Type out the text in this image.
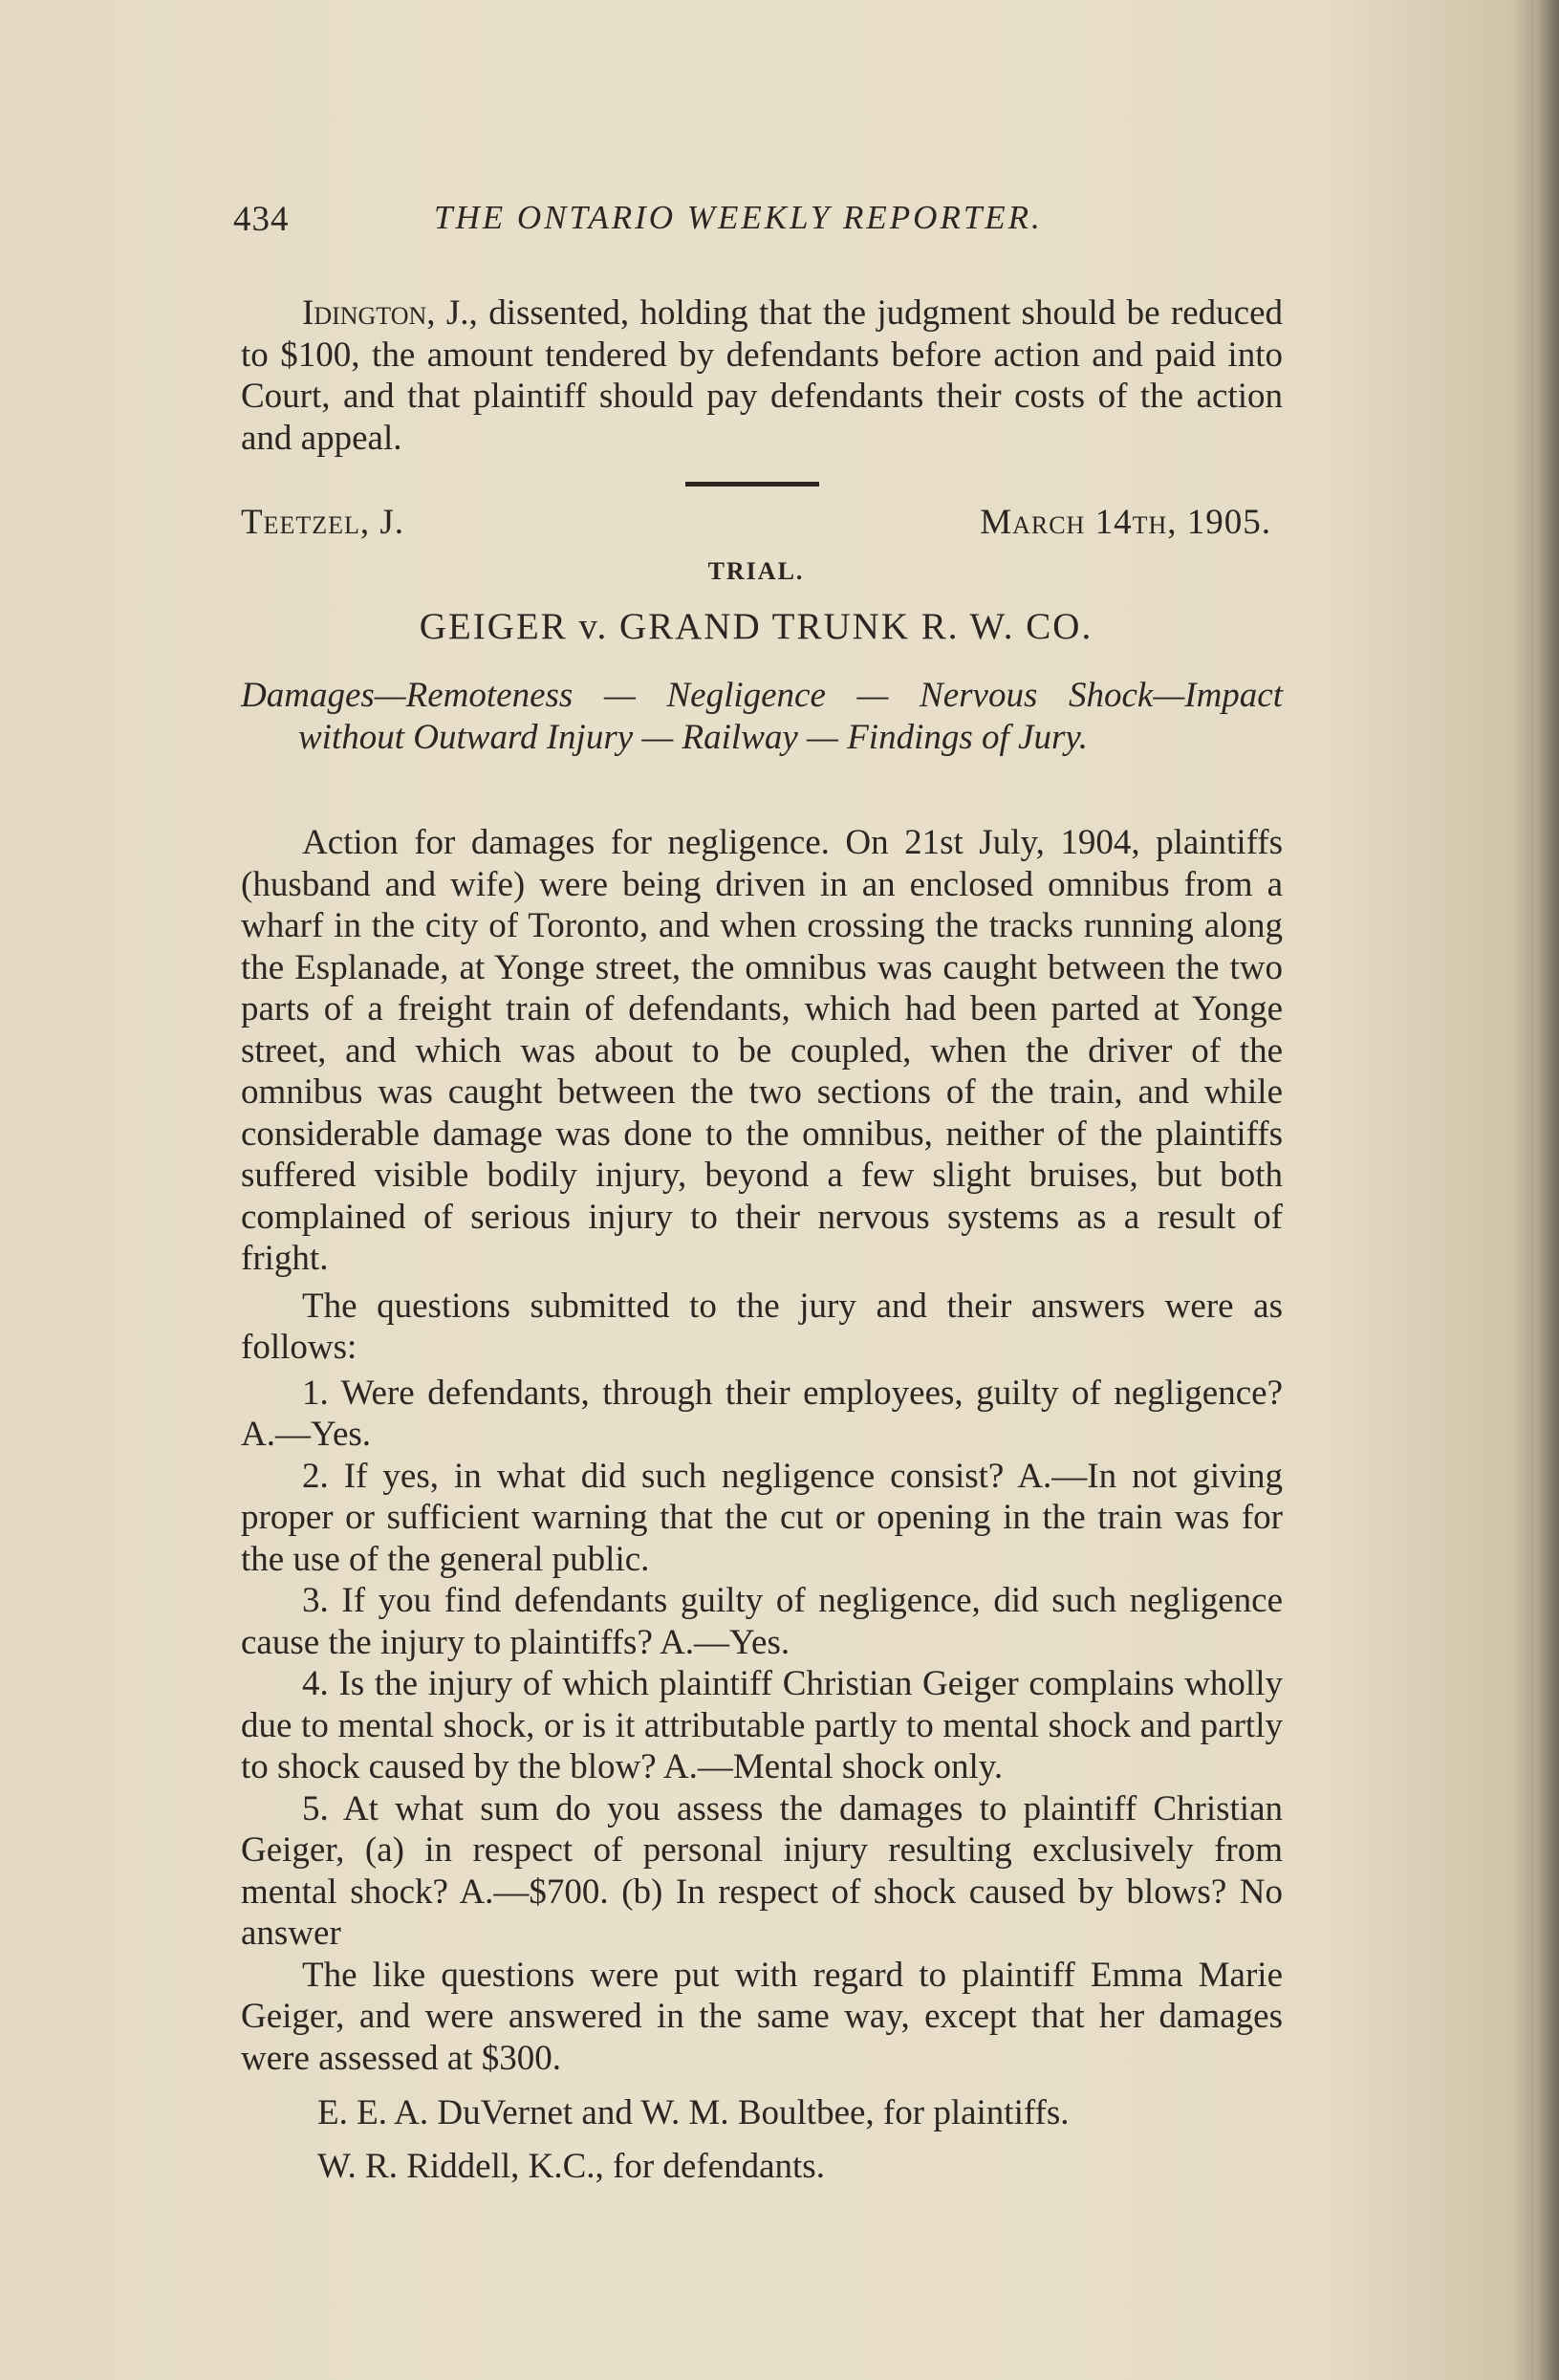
434	THE ONTARIO WEEKLY REPORTER.

Idington, J., dissented, holding that the judgment should be reduced to $100, the amount tendered by defendants before action and paid into Court, and that plaintiff should pay defendants their costs of the action and appeal.

Teetzel, J.	March 14th, 1905.
TRIAL.
GEIGER v. GRAND TRUNK R. W. CO.
Damages—Remoteness — Negligence — Nervous Shock—Impact without Outward Injury — Railway — Findings of Jury.

Action for damages for negligence. On 21st July, 1904, plaintiffs (husband and wife) were being driven in an enclosed omnibus from a wharf in the city of Toronto, and when crossing the tracks running along the Esplanade, at Yonge street, the omnibus was caught between the two parts of a freight train of defendants, which had been parted at Yonge street, and which was about to be coupled, when the driver of the omnibus was caught between the two sections of the train, and while considerable damage was done to the omnibus, neither of the plaintiffs suffered visible bodily injury, beyond a few slight bruises, but both complained of serious injury to their nervous systems as a result of fright.

The questions submitted to the jury and their answers were as follows:

1. Were defendants, through their employees, guilty of negligence? A.—Yes.

2. If yes, in what did such negligence consist? A.—In not giving proper or sufficient warning that the cut or opening in the train was for the use of the general public.

3. If you find defendants guilty of negligence, did such negligence cause the injury to plaintiffs? A.—Yes.

4. Is the injury of which plaintiff Christian Geiger complains wholly due to mental shock, or is it attributable partly to mental shock and partly to shock caused by the blow? A.—Mental shock only.

5. At what sum do you assess the damages to plaintiff Christian Geiger, (a) in respect of personal injury resulting exclusively from mental shock? A.—$700. (b) In respect of shock caused by blows? No answer

The like questions were put with regard to plaintiff Emma Marie Geiger, and were answered in the same way, except that her damages were assessed at $300.

E. E. A. DuVernet and W. M. Boultbee, for plaintiffs.

W. R. Riddell, K.C., for defendants.
